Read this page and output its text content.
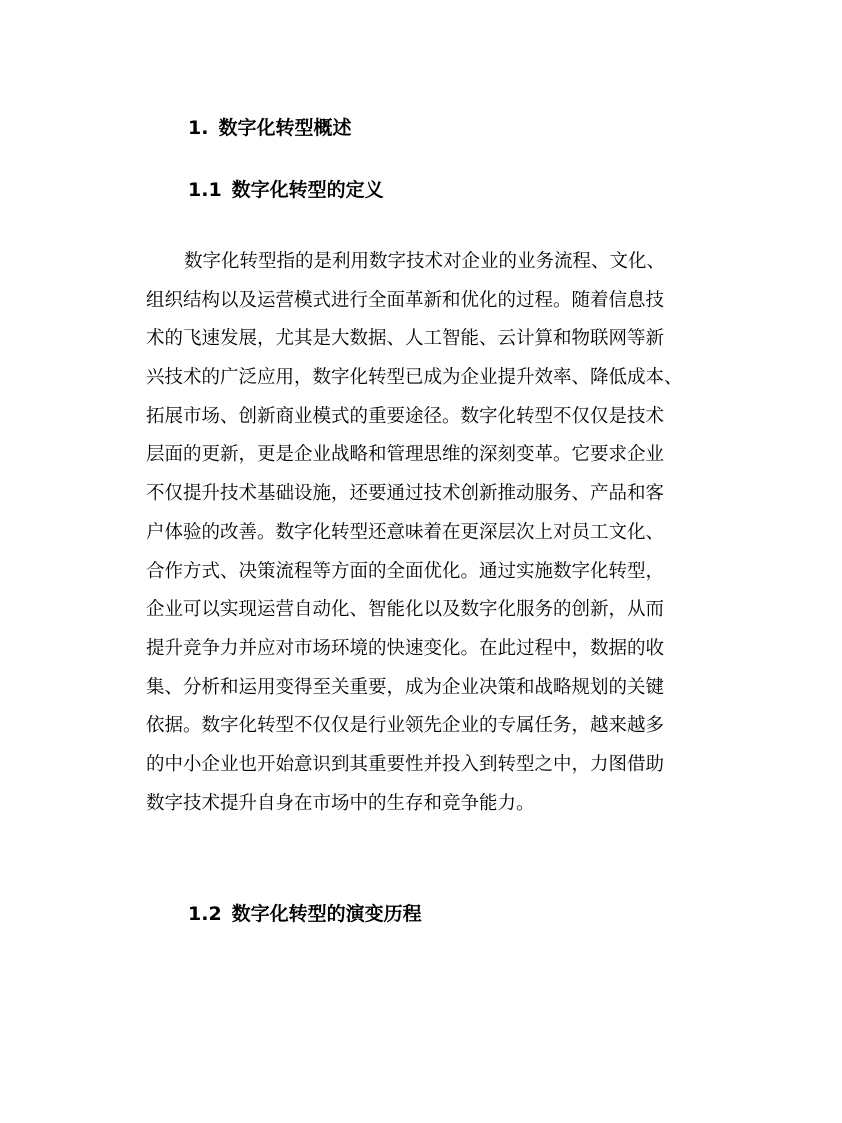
1. 数字化转型概述
1.1 数字化转型的定义
数字化转型指的是利用数字技术对企业的业务流程、文化、
组织结构以及运营模式进行全面革新和优化的过程。随着信息技
术的飞速发展，尤其是大数据、人工智能、云计算和物联网等新
兴技术的广泛应用，数字化转型已成为企业提升效率、降低成本、
拓展市场、创新商业模式的重要途径。数字化转型不仅仅是技术
层面的更新，更是企业战略和管理思维的深刻变革。它要求企业
不仅提升技术基础设施，还要通过技术创新推动服务、产品和客
户体验的改善。数字化转型还意味着在更深层次上对员工文化、
合作方式、决策流程等方面的全面优化。通过实施数字化转型，
企业可以实现运营自动化、智能化以及数字化服务的创新，从而
提升竞争力并应对市场环境的快速变化。在此过程中，数据的收
集、分析和运用变得至关重要，成为企业决策和战略规划的关键
依据。数字化转型不仅仅是行业领先企业的专属任务，越来越多
的中小企业也开始意识到其重要性并投入到转型之中，力图借助
数字技术提升自身在市场中的生存和竞争能力。
1.2 数字化转型的演变历程
